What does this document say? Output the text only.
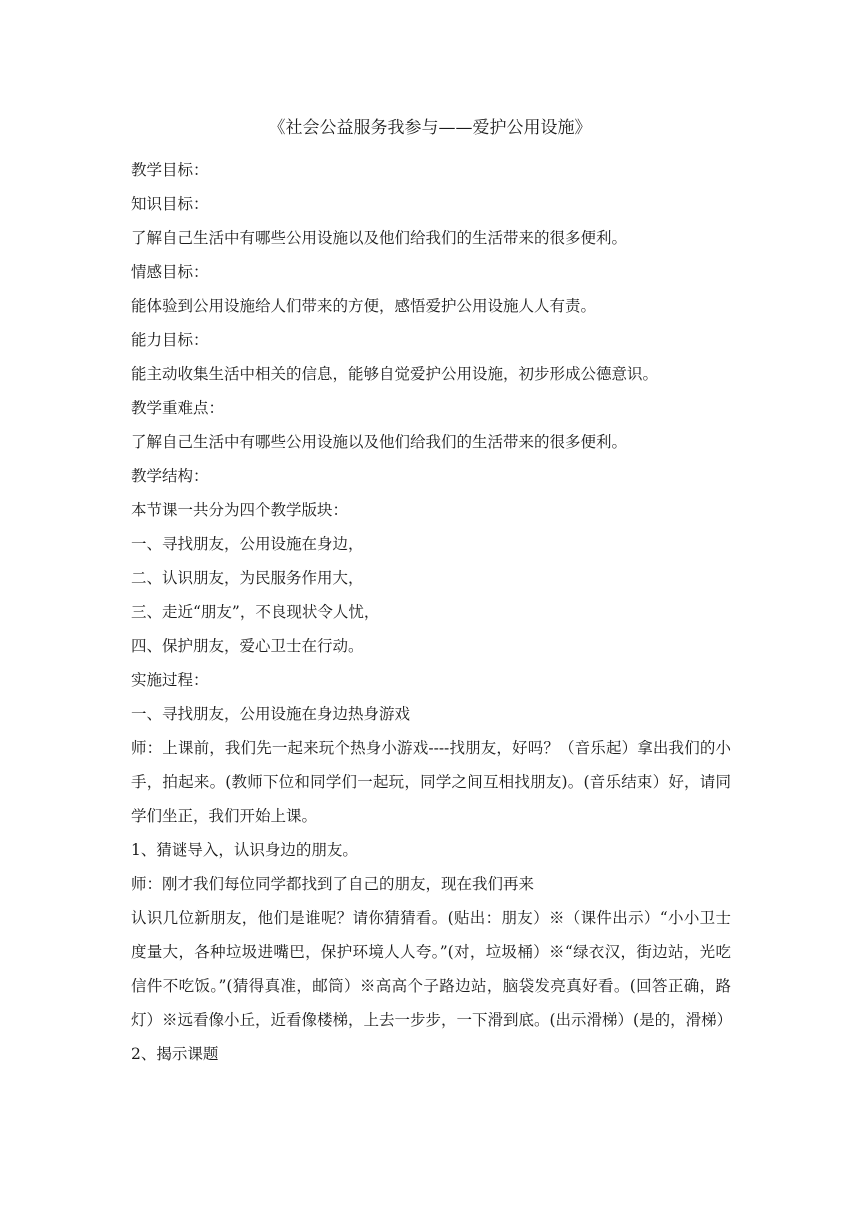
《社会公益服务我参与——爱护公用设施》

教学目标：

知识目标：

了解自己生活中有哪些公用设施以及他们给我们的生活带来的很多便利。

情感目标：

能体验到公用设施给人们带来的方便，感悟爱护公用设施人人有责。

能力目标：

能主动收集生活中相关的信息，能够自觉爱护公用设施，初步形成公德意识。

教学重难点：

了解自己生活中有哪些公用设施以及他们给我们的生活带来的很多便利。

教学结构：

本节课一共分为四个教学版块：

一、寻找朋友，公用设施在身边，

二、认识朋友，为民服务作用大，

三、走近“朋友”，不良现状令人忧，

四、保护朋友，爱心卫士在行动。

实施过程：

一、寻找朋友，公用设施在身边热身游戏

师：上课前，我们先一起来玩个热身小游戏----找朋友，好吗？（音乐起）拿出我们的小手，拍起来。(教师下位和同学们一起玩，同学之间互相找朋友)。(音乐结束）好，请同学们坐正，我们开始上课。

1、猜谜导入，认识身边的朋友。

师：刚才我们每位同学都找到了自己的朋友，现在我们再来

认识几位新朋友，他们是谁呢？请你猜猜看。(贴出：朋友）※（课件出示）“小小卫士度量大，各种垃圾进嘴巴，保护环境人人夸。”(对，垃圾桶）※“绿衣汉，街边站，光吃信件不吃饭。”(猜得真准，邮筒）※高高个子路边站，脑袋发亮真好看。(回答正确，路灯）※远看像小丘，近看像楼梯，上去一步步，一下滑到底。(出示滑梯）(是的，滑梯）

2、揭示课题
